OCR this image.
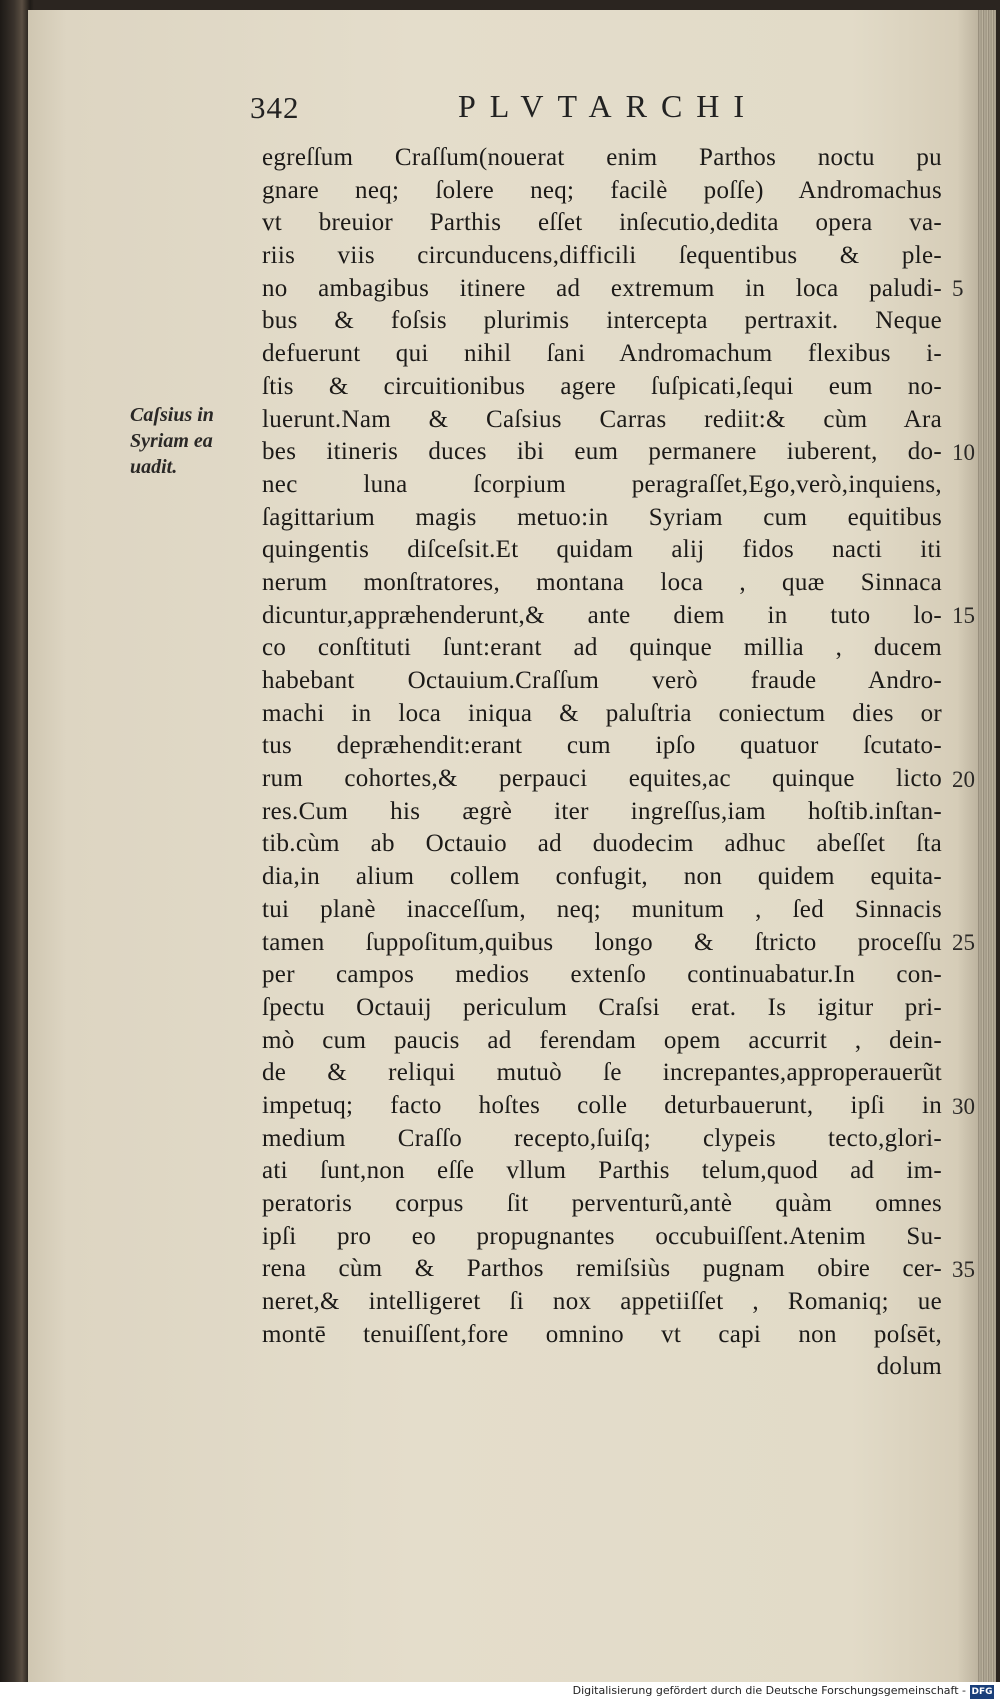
342	PLVTARCHI
Caſsius in
Syriam ea
uadit.
egreſſum Craſſum(nouerat enim Parthos noctu pu
gnare neq; ſolere neq; facilè poſſe) Andromachus
vt breuior Parthis eſſet inſecutio,dedita opera va-
riis viis circunducens,difficili ſequentibus & ple-
no ambagibus itinere ad extremum in loca paludi-
bus & foſsis plurimis intercepta pertraxit. Neque
defuerunt qui nihil ſani Andromachum flexibus i-
ſtis & circuitionibus agere ſuſpicati,ſequi eum no-
luerunt.Nam & Caſsius Carras rediit:& cùm Ara
bes itineris duces ibi eum permanere iuberent, do-
nec luna ſcorpium peragraſſet,Ego,verò,inquiens,
ſagittarium magis metuo:in Syriam cum equitibus
quingentis diſceſsit.Et quidam alij fidos nacti iti
nerum monſtratores, montana loca , quæ Sinnaca
dicuntur,appræhenderunt,& ante diem in tuto lo-
co conſtituti ſunt:erant ad quinque millia , ducem
habebant Octauium.Craſſum verò fraude Andro-
machi in loca iniqua & paluſtria coniectum dies or
tus depræhendit:erant cum ipſo quatuor ſcutato-
rum cohortes,& perpauci equites,ac quinque licto
res.Cum his ægrè iter ingreſſus,iam hoſtib.inſtan-
tib.cùm ab Octauio ad duodecim adhuc abeſſet ſta
dia,in alium collem confugit, non quidem equita-
tui planè inacceſſum, neq; munitum , ſed Sinnacis
tamen ſuppoſitum,quibus longo & ſtricto proceſſu
per campos medios extenſo continuabatur.In con-
ſpectu Octauij periculum Craſsi erat. Is igitur pri-
mò cum paucis ad ferendam opem accurrit , dein-
de & reliqui mutuò ſe increpantes,approperauerũt
impetuq; facto hoſtes colle deturbauerunt, ipſi in
medium Craſſo recepto,ſuiſq; clypeis tecto,glori-
ati ſunt,non eſſe vllum Parthis telum,quod ad im-
peratoris corpus ſit perventurũ,antè quàm omnes
ipſi pro eo propugnantes occubuiſſent.Atenim Su-
rena cùm & Parthos remiſsiùs pugnam obire cer-
neret,& intelligeret ſi nox appetiiſſet , Romaniq; ue
montē tenuiſſent,fore omnino vt capi non poſsēt,
dolum
5
10
15
20
25
30
35
Digitalisierung gefördert durch die Deutsche Forschungsgemeinschaft - DFG
